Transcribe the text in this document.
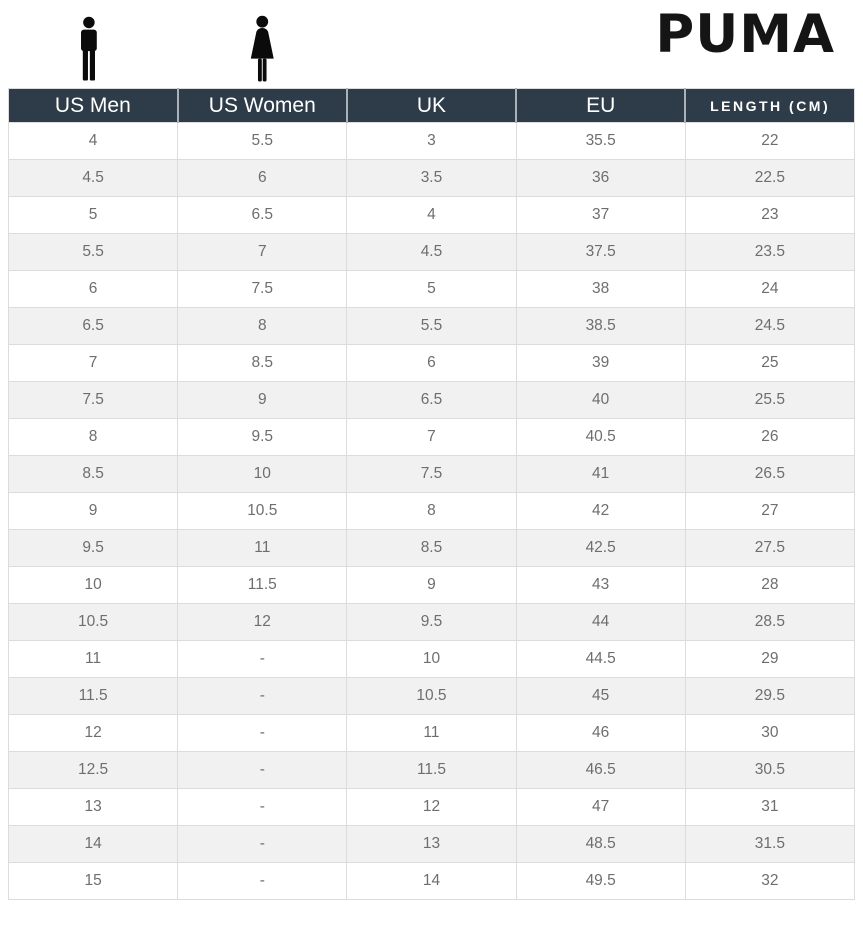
PUMA
US Men	US Women	UK	EU	LENGTH (CM)
4	5.5	3	35.5	22
4.5	6	3.5	36	22.5
5	6.5	4	37	23
5.5	7	4.5	37.5	23.5
6	7.5	5	38	24
6.5	8	5.5	38.5	24.5
7	8.5	6	39	25
7.5	9	6.5	40	25.5
8	9.5	7	40.5	26
8.5	10	7.5	41	26.5
9	10.5	8	42	27
9.5	11	8.5	42.5	27.5
10	11.5	9	43	28
10.5	12	9.5	44	28.5
11	-	10	44.5	29
11.5	-	10.5	45	29.5
12	-	11	46	30
12.5	-	11.5	46.5	30.5
13	-	12	47	31
14	-	13	48.5	31.5
15	-	14	49.5	32
